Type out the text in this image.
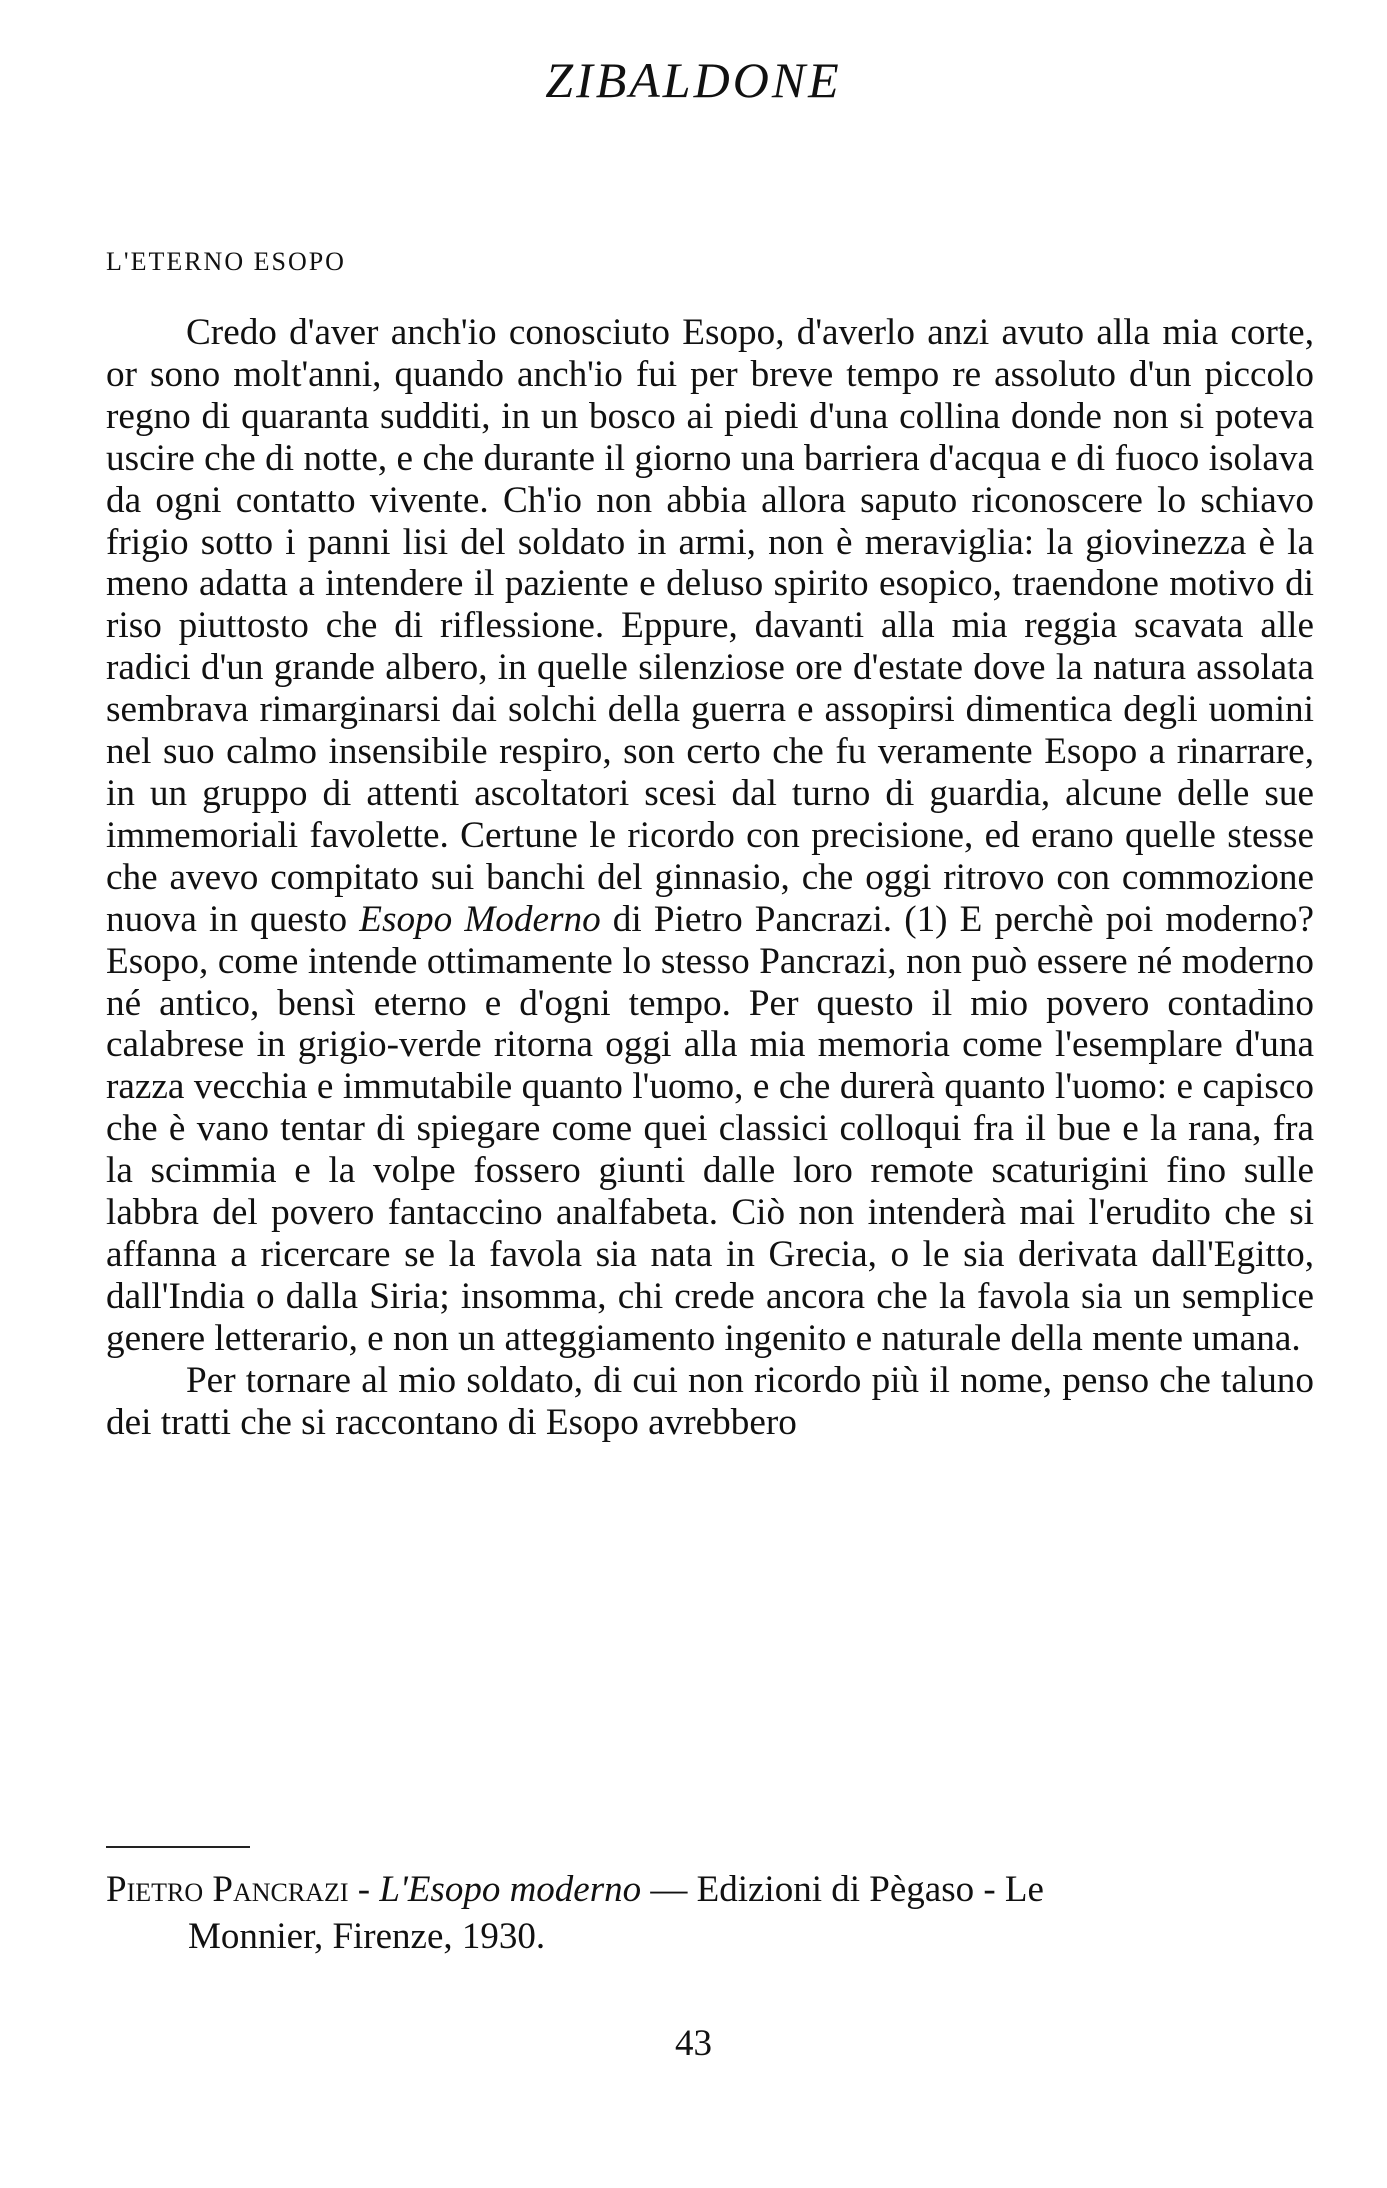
ZIBALDONE
L'ETERNO ESOPO

Credo d'aver anch'io conosciuto Esopo, d'averlo anzi avuto alla mia corte, or sono molt'anni, quando anch'io fui per breve tempo re assoluto d'un piccolo regno di quaranta sudditi, in un bosco ai piedi d'una collina donde non si poteva uscire che di notte, e che durante il giorno una barriera d'acqua e di fuoco isolava da ogni contatto vivente. Ch'io non abbia allora saputo riconoscere lo schiavo frigio sotto i panni lisi del soldato in armi, non è meraviglia: la giovinezza è la meno adatta a intendere il paziente e deluso spirito esopico, traendone motivo di riso piuttosto che di riflessione. Eppure, davanti alla mia reggia scavata alle radici d'un grande albero, in quelle silenziose ore d'estate dove la natura assolata sembrava rimarginarsi dai solchi della guerra e assopirsi dimentica degli uomini nel suo calmo insensibile respiro, son certo che fu veramente Esopo a rinarrare, in un gruppo di attenti ascoltatori scesi dal turno di guardia, alcune delle sue immemoriali favolette. Certune le ricordo con precisione, ed erano quelle stesse che avevo compitato sui banchi del ginnasio, che oggi ritrovo con commozione nuova in questo Esopo Moderno di Pietro Pancrazi. (1) E perchè poi moderno? Esopo, come intende ottimamente lo stesso Pancrazi, non può essere né moderno né antico, bensì eterno e d'ogni tempo. Per questo il mio povero contadino calabrese in grigio-verde ritorna oggi alla mia memoria come l'esemplare d'una razza vecchia e immutabile quanto l'uomo, e che durerà quanto l'uomo: e capisco che è vano tentar di spiegare come quei classici colloqui fra il bue e la rana, fra la scimmia e la volpe fossero giunti dalle loro remote scaturigini fino sulle labbra del povero fantaccino analfabeta. Ciò non intenderà mai l'erudito che si affanna a ricercare se la favola sia nata in Grecia, o le sia derivata dall'Egitto, dall'India o dalla Siria; insomma, chi crede ancora che la favola sia un semplice genere letterario, e non un atteggiamento ingenito e naturale della mente umana.

Per tornare al mio soldato, di cui non ricordo più il nome, penso che taluno dei tratti che si raccontano di Esopo avrebbero

Pietro Pancrazi - L'Esopo moderno — Edizioni di Pègaso - Le
Monnier, Firenze, 1930.
43
